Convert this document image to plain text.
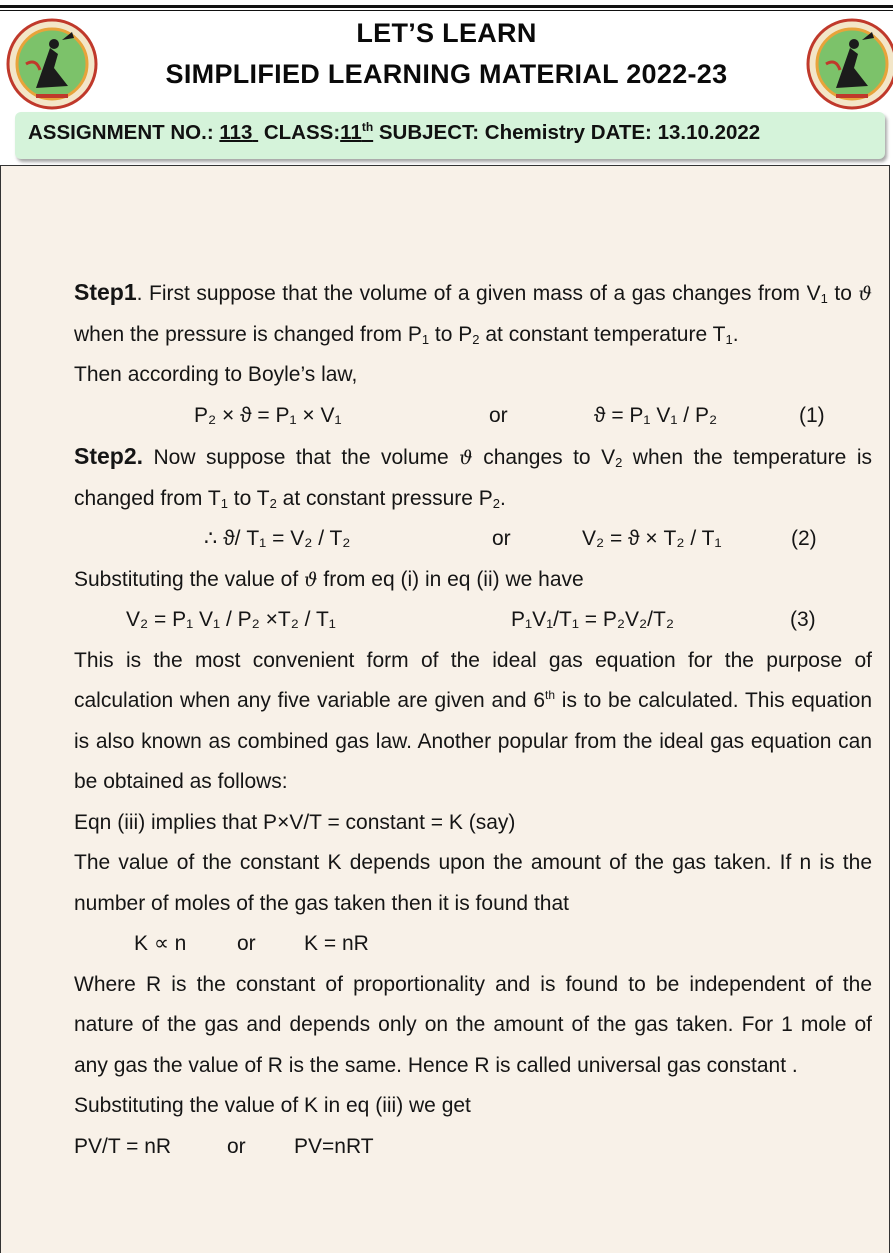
LET’S LEARN
SIMPLIFIED LEARNING MATERIAL 2022-23
ASSIGNMENT NO.: 113 CLASS:11th SUBJECT: Chemistry DATE: 13.10.2022

Step1. First suppose that the volume of a given mass of a gas changes from $V_1$ to ϑ when the pressure is changed from $P_1$ to $P_2$ at constant temperature $T_1$.

Then according to Boyle’s law,

P₂ × ϑ = P₁ × V₁	or	ϑ = P₁ V₁ / P₂	(1)

Step2. Now suppose that the volume ϑ changes to $V_2$ when the temperature is changed from $T_1$ to $T_2$ at constant pressure $P_2$.

∴ ϑ/ T₁ = V₂ / T₂	or	V₂ = ϑ × T₂ / T₁	(2)

Substituting the value of ϑ from eq (i) in eq (ii) we have

V₂ = P₁ V₁ / P₂ ×T₂ / T₁	P₁V₁/T₁ = P₂V₂/T₂	(3)

This is the most convenient form of the ideal gas equation for the purpose of calculation when any five variable are given and 6th is to be calculated. This equation is also known as combined gas law. Another popular from the ideal gas equation can be obtained as follows:

Eqn (iii) implies that P×V/T = constant = K (say)

The value of the constant K depends upon the amount of the gas taken. If n is the number of moles of the gas taken then it is found that

K ∝ n or K = nR

Where R is the constant of proportionality and is found to be independent of the nature of the gas and depends only on the amount of the gas taken. For 1 mole of any gas the value of R is the same. Hence R is called universal gas constant .

Substituting the value of K in eq (iii) we get

PV/T = nR	or PV=nRT
